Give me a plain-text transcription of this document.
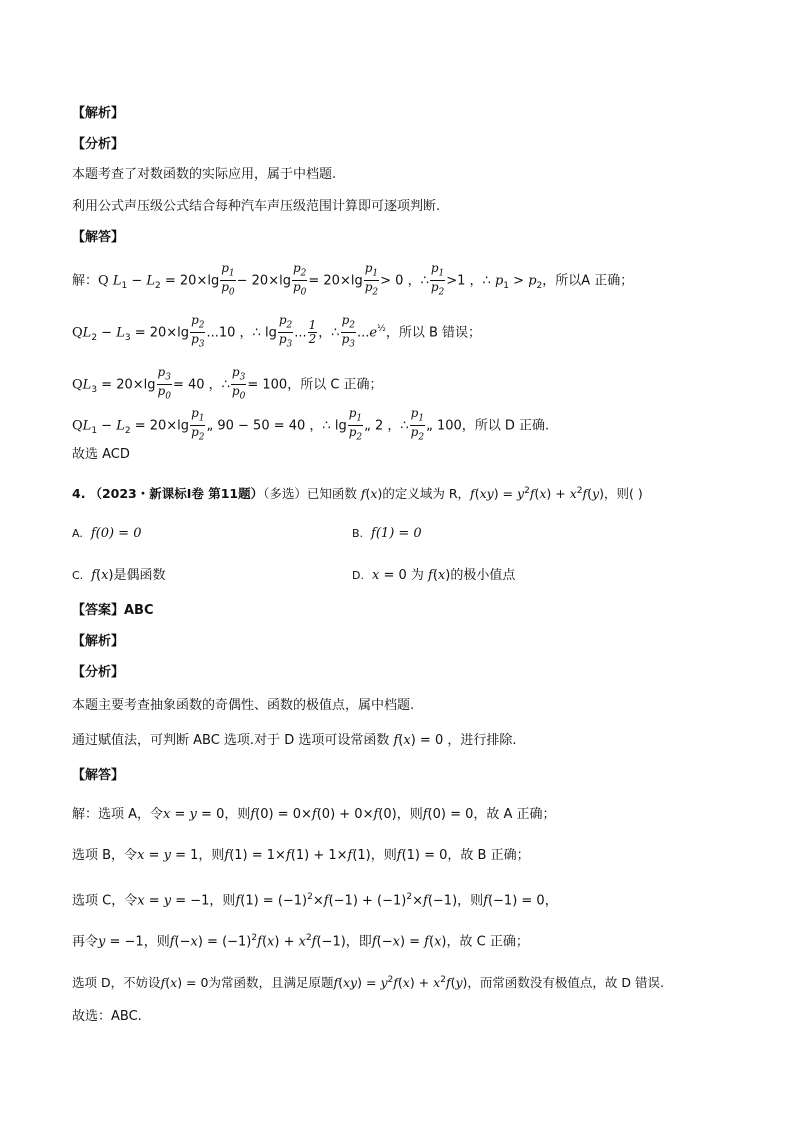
【解析】
【分析】
本题考查了对数函数的实际应用，属于中档题.
利用公式声压级公式结合每种汽车声压级范围计算即可逐项判断.
【解答】
解：Q $L_1 - L_2 = 20\times\lg \frac{p_1}{p_0} - 20\times\lg \frac{p_2}{p_0} = 20\times\lg \frac{p_1}{p_2} > 0$ ，∴ $\frac{p_1}{p_2} >1$ ，∴ $p_1 > p_2$，所以A 正确；
$QL_2 - L_3 = 20\times\lg \frac{p_2}{p_3} ...10$ ，∴ $\lg \frac{p_2}{p_3}$ ... $\frac{1}{2}$ ，∴ $\frac{p_2}{p_3} ...e^{\frac{1}{2}}$，所以 B 错误；
$QL_3 = 20\times\lg \frac{p_3}{p_0} = 40$ ，∴ $\frac{p_3}{p_0} = 100$，所以 C 正确；
$QL_1 - L_2 = 20\times\lg \frac{p_1}{p_2}$ „ 90 − 50 = 40 ，∴ $\lg \frac{p_1}{p_2}$ „ 2 ，∴ $\frac{p_1}{p_2}$ „ 100，所以 D 正确.
故选 ACD
4. （2023・新课标I卷 第11题）（多选）已知函数 f(x)的定义域为 R，$f(xy) = y^2f(x) + x^2f(y)$，则( )
A. f(0) = 0	B. f(1) = 0
C. f(x)是偶函数	D. x = 0 为 f(x)的极小值点
【答案】ABC
【解析】
【分析】
本题主要考查抽象函数的奇偶性、函数的极值点，属中档题.
通过赋值法，可判断 ABC 选项.对于 D 选项可设常函数 f(x) = 0 ，进行排除.
【解答】
解：选项 A，令x = y = 0，则f(0) = 0×f(0) + 0×f(0)，则f(0) = 0，故 A 正确；
选项 B，令x = y = 1，则f(1) = 1×f(1) + 1×f(1)，则f(1) = 0，故 B 正确；
选项 C，令x = y = −1，则$f(1) = (-1)^2\times f(-1) + (-1)^2\times f(-1)$，则f(−1) = 0，
再令y = −1，则$f(-x) = (-1)^2f(x) + x^2f(-1)$，即f(−x) = f(x)，故 C 正确；
选项 D，不妨设f(x) = 0为常函数，且满足原题$f(xy) = y^2f(x) + x^2f(y)$，而常函数没有极值点，故 D 错误.
故选：ABC.
